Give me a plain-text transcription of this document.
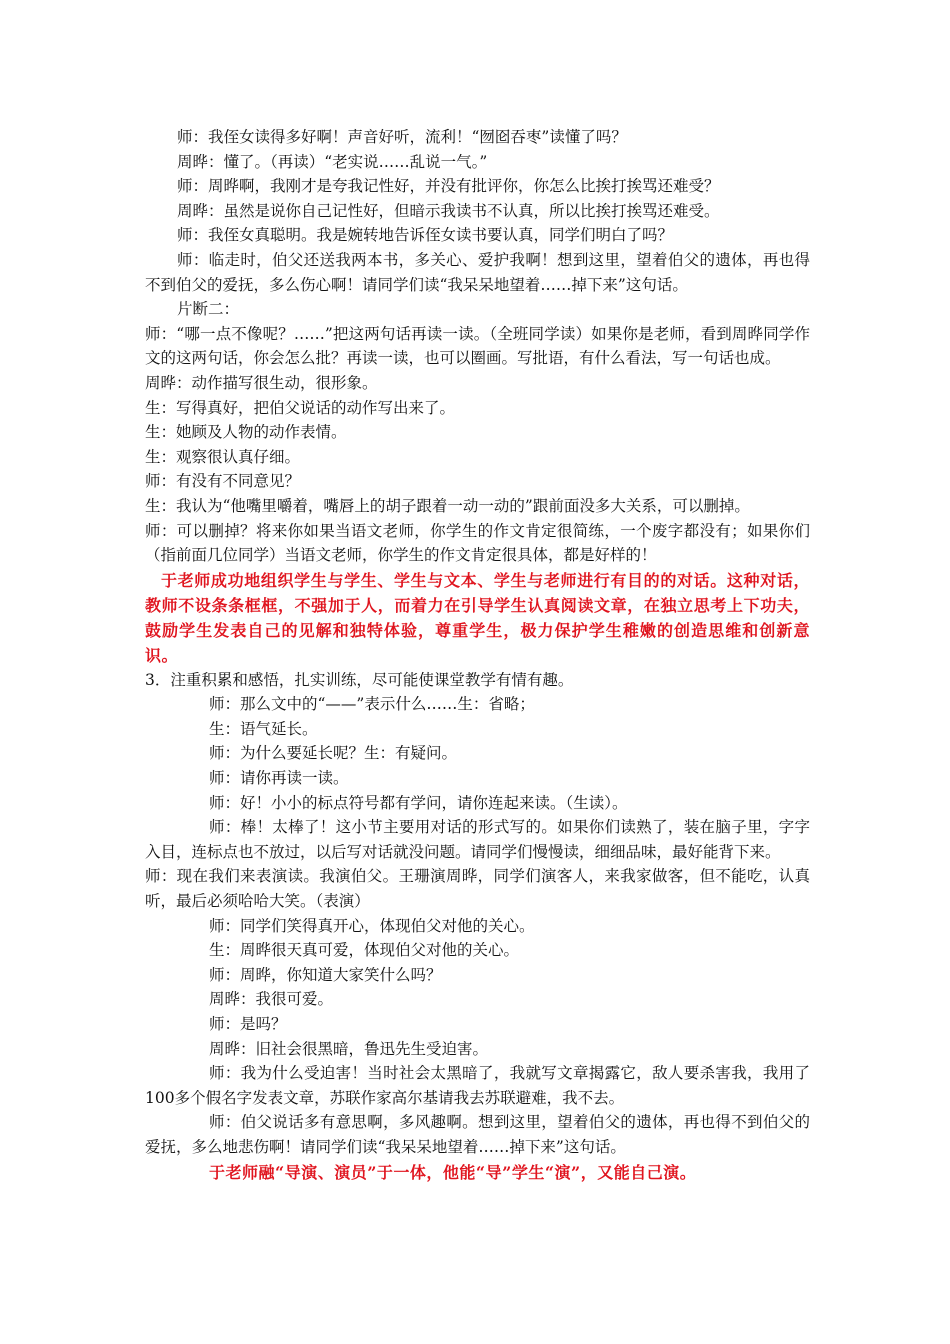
师：我侄女读得多好啊！声音好听，流利！“囫囵吞枣”读懂了吗？

周晔：懂了。（再读）“老实说……乱说一气。”

师：周晔啊，我刚才是夸我记性好，并没有批评你，你怎么比挨打挨骂还难受？

周晔：虽然是说你自己记性好，但暗示我读书不认真，所以比挨打挨骂还难受。

师：我侄女真聪明。我是婉转地告诉侄女读书要认真，同学们明白了吗？

师：临走时，伯父还送我两本书，多关心、爱护我啊！想到这里，望着伯父的遗体，再也得不到伯父的爱抚，多么伤心啊！请同学们读“我呆呆地望着……掉下来”这句话。

片断二：

师：“哪一点不像呢？……”把这两句话再读一读。（全班同学读）如果你是老师，看到周晔同学作文的这两句话，你会怎么批？再读一读，也可以圈画。写批语，有什么看法，写一句话也成。

周晔：动作描写很生动，很形象。

生：写得真好，把伯父说话的动作写出来了。

生：她顾及人物的动作表情。

生：观察很认真仔细。

师：有没有不同意见？

生：我认为“他嘴里嚼着，嘴唇上的胡子跟着一动一动的”跟前面没多大关系，可以删掉。

师：可以删掉？将来你如果当语文老师，你学生的作文肯定很简练，一个废字都没有；如果你们（指前面几位同学）当语文老师，你学生的作文肯定很具体，都是好样的！

于老师成功地组织学生与学生、学生与文本、学生与老师进行有目的的对话。这种对话，教师不设条条框框，不强加于人，而着力在引导学生认真阅读文章，在独立思考上下功夫，鼓励学生发表自己的见解和独特体验，尊重学生，极力保护学生稚嫩的创造思维和创新意识。

3．注重积累和感悟，扎实训练，尽可能使课堂教学有情有趣。

师：那么文中的“——”表示什么……生：省略；

生：语气延长。

师：为什么要延长呢？生：有疑问。

师：请你再读一读。

师：好！小小的标点符号都有学问，请你连起来读。（生读）。

师：棒！太棒了！这小节主要用对话的形式写的。如果你们读熟了，装在脑子里，字字入目，连标点也不放过，以后写对话就没问题。请同学们慢慢读，细细品味，最好能背下来。

师：现在我们来表演读。我演伯父。王珊演周晔，同学们演客人，来我家做客，但不能吃，认真听，最后必须哈哈大笑。（表演）

师：同学们笑得真开心，体现伯父对他的关心。

生：周晔很天真可爱，体现伯父对他的关心。

师：周晔，你知道大家笑什么吗？

周晔：我很可爱。

师：是吗？

周晔：旧社会很黑暗，鲁迅先生受迫害。

师：我为什么受迫害！当时社会太黑暗了，我就写文章揭露它，敌人要杀害我，我用了100多个假名字发表文章，苏联作家高尔基请我去苏联避难，我不去。

师：伯父说话多有意思啊，多风趣啊。想到这里，望着伯父的遗体，再也得不到伯父的爱抚，多么地悲伤啊！请同学们读“我呆呆地望着……掉下来”这句话。

于老师融“导演、演员”于一体，他能“导”学生“演”，又能自己演。
